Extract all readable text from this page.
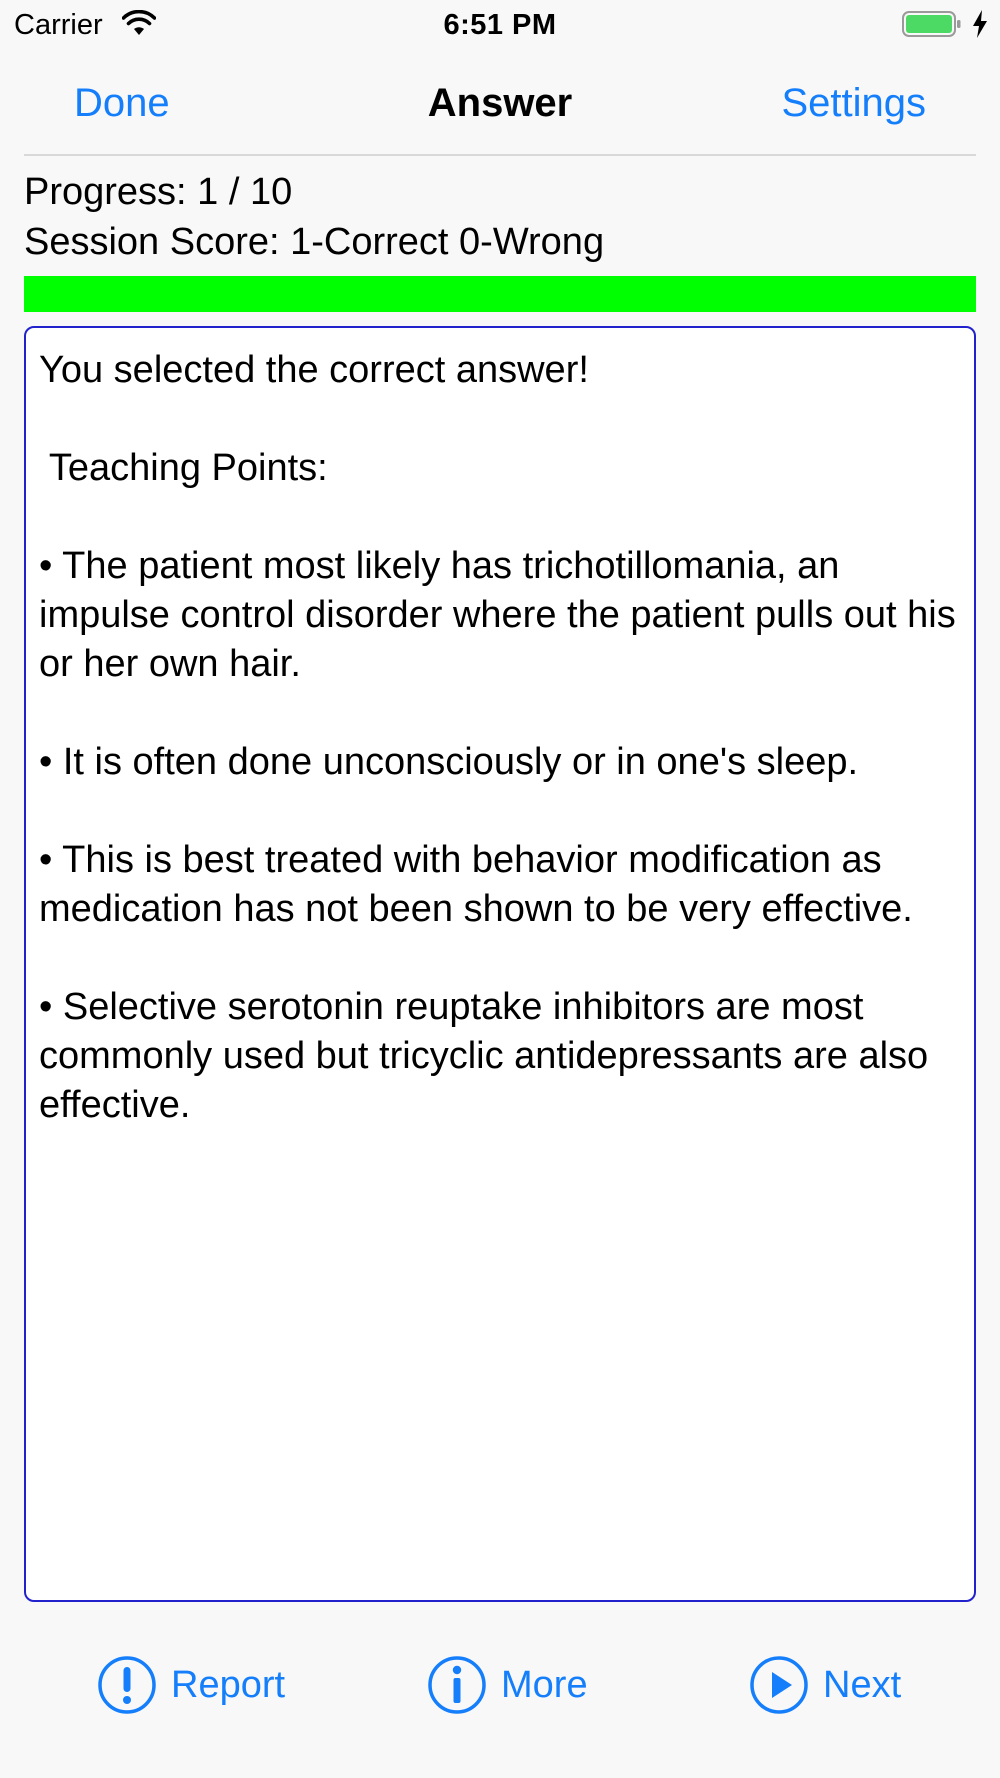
Carrier	6:51 PM
Done	Answer	Settings
Progress: 1 / 10
Session Score: 1-Correct 0-Wrong

You selected the correct answer!

Teaching Points:

• The patient most likely has trichotillomania, an impulse control disorder where the patient pulls out his or her own hair.

• It is often done unconsciously or in one's sleep.

• This is best treated with behavior modification as medication has not been shown to be very effective.

• Selective serotonin reuptake inhibitors are most commonly used but tricyclic antidepressants are also effective.

Report	More	Next
